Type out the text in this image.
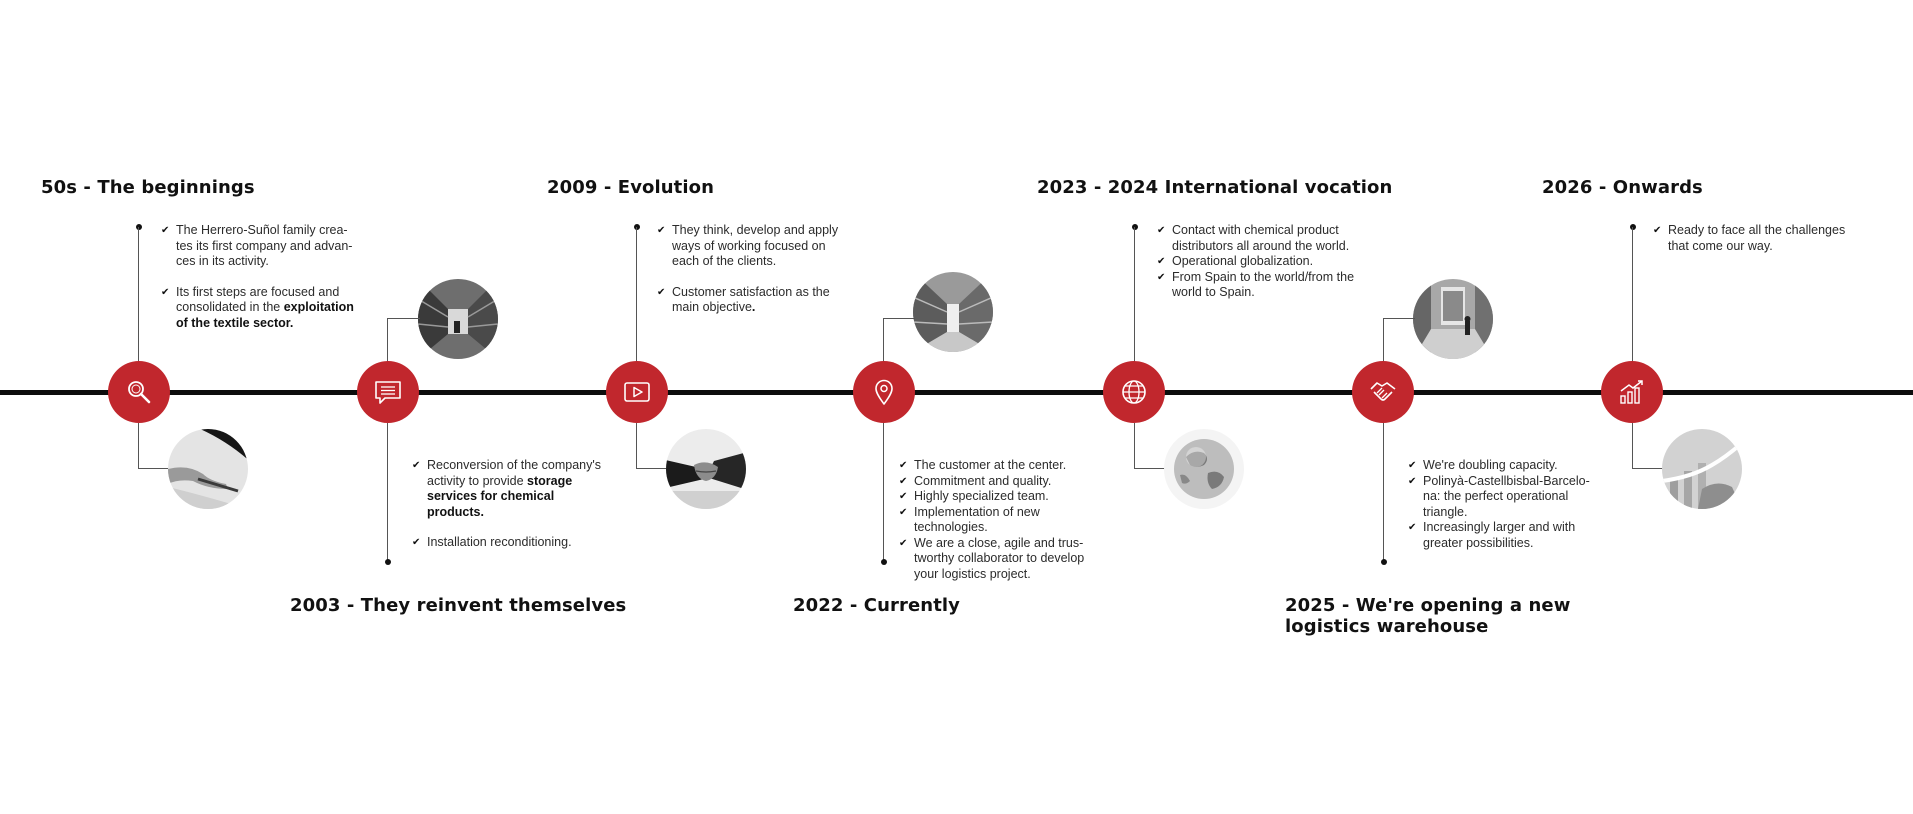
50s - The beginnings
✔ The Herrero-Suñol family crea-tes its first company and advan-ces in its activity.
✔ Its first steps are focused and consolidated in the exploitation of the textile sector.
✔ Reconversion of the company's activity to provide storage services for chemical products.
✔ Installation reconditioning.
2003 - They reinvent themselves
2009 - Evolution
✔ They think, develop and apply ways of working focused on each of the clients.
✔ Customer satisfaction as the main objective.
✔ The customer at the center.
✔ Commitment and quality.
✔ Highly specialized team.
✔ Implementation of new technologies.
✔ We are a close, agile and trus-tworthy collaborator to develop your logistics project.
2022 - Currently
2023 - 2024 International vocation
✔ Contact with chemical product distributors all around the world.
✔ Operational globalization.
✔ From Spain to the world/from the world to Spain.
✔ We're doubling capacity.
✔ Polinyà-Castellbisbal-Barcelo-na: the perfect operational triangle.
✔ Increasingly larger and with greater possibilities.
2025 - We're opening a new logistics warehouse
2026 - Onwards
✔ Ready to face all the challenges that come our way.
